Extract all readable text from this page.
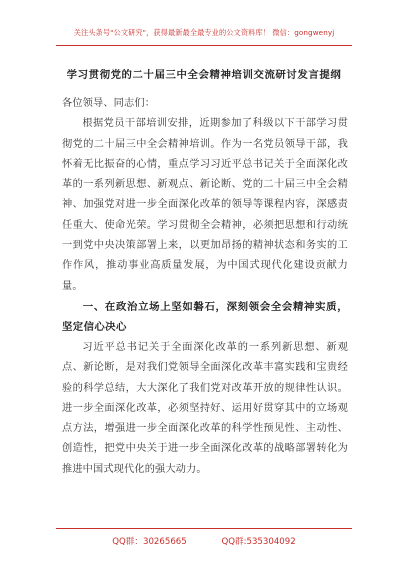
关注头条号"公文研究"，获得最新最全最专业的公文资料库！ 微信：gongwenyj
学习贯彻党的二十届三中全会精神培训交流研讨发言提纲

各位领导、同志们：

根据党员干部培训安排，近期参加了科级以下干部学习贯彻党的二十届三中全会精神培训。作为一名党员领导干部，我怀着无比振奋的心情，重点学习习近平总书记关于全面深化改革的一系列新思想、新观点、新论断、党的二十届三中全会精神、加强党对进一步全面深化改革的领导等课程内容，深感责任重大、使命光荣。学习贯彻全会精神，必须把思想和行动统一到党中央决策部署上来，以更加昂扬的精神状态和务实的工作作风，推动事业高质量发展，为中国式现代化建设贡献力量。

一、在政治立场上坚如磐石，深刻领会全会精神实质，坚定信心决心

习近平总书记关于全面深化改革的一系列新思想、新观点、新论断，是对我们党领导全面深化改革丰富实践和宝贵经验的科学总结，大大深化了我们党对改革开放的规律性认识。进一步全面深化改革，必须坚持好、运用好贯穿其中的立场观点方法，增强进一步全面深化改革的科学性预见性、主动性、创造性，把党中央关于进一步全面深化改革的战略部署转化为推进中国式现代化的强大动力。

QQ群：30265665	QQ群:535304092
